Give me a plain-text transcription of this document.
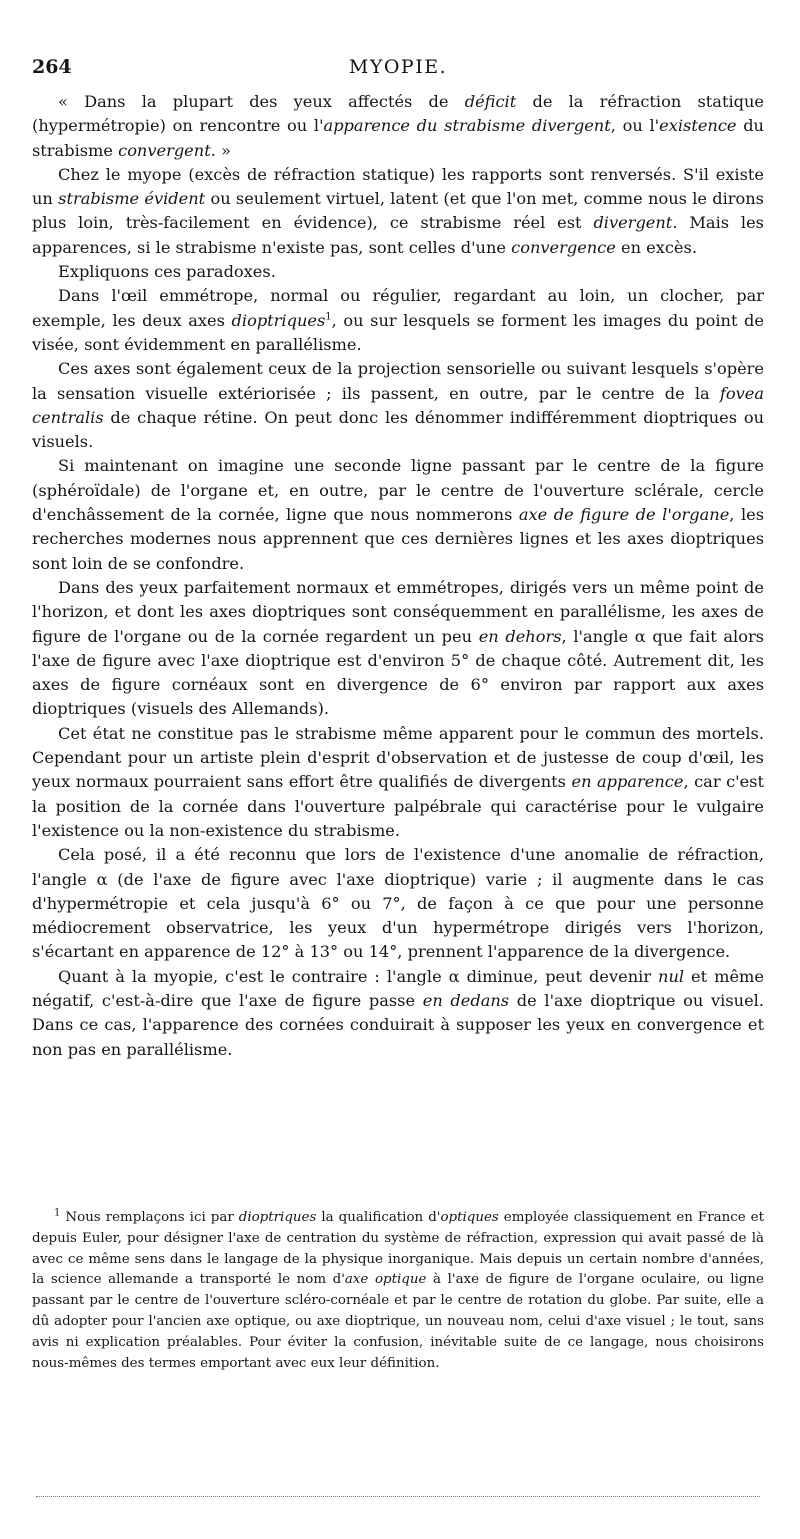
264	MYOPIE.

« Dans la plupart des yeux affectés de déficit de la réfraction statique (hypermétropie) on rencontre ou l'apparence du strabisme divergent, ou l'existence du strabisme convergent. »

Chez le myope (excès de réfraction statique) les rapports sont renversés. S'il existe un strabisme évident ou seulement virtuel, latent (et que l'on met, comme nous le dirons plus loin, très-facilement en évidence), ce strabisme réel est divergent. Mais les apparences, si le strabisme n'existe pas, sont celles d'une convergence en excès.

Expliquons ces paradoxes.

Dans l'œil emmétrope, normal ou régulier, regardant au loin, un clocher, par exemple, les deux axes dioptriques$^1$, ou sur lesquels se forment les images du point de visée, sont évidemment en parallélisme.

Ces axes sont également ceux de la projection sensorielle ou suivant lesquels s'opère la sensation visuelle extériorisée ; ils passent, en outre, par le centre de la fovea centralis de chaque rétine. On peut donc les dénommer indifféremment dioptriques ou visuels.

Si maintenant on imagine une seconde ligne passant par le centre de la figure (sphéroïdale) de l'organe et, en outre, par le centre de l'ouverture sclérale, cercle d'enchâssement de la cornée, ligne que nous nommerons axe de figure de l'organe, les recherches modernes nous apprennent que ces dernières lignes et les axes dioptriques sont loin de se confondre.

Dans des yeux parfaitement normaux et emmétropes, dirigés vers un même point de l'horizon, et dont les axes dioptriques sont conséquemment en parallélisme, les axes de figure de l'organe ou de la cornée regardent un peu en dehors, l'angle α que fait alors l'axe de figure avec l'axe dioptrique est d'environ 5° de chaque côté. Autrement dit, les axes de figure cornéaux sont en divergence de 6° environ par rapport aux axes dioptriques (visuels des Allemands).

Cet état ne constitue pas le strabisme même apparent pour le commun des mortels. Cependant pour un artiste plein d'esprit d'observation et de justesse de coup d'œil, les yeux normaux pourraient sans effort être qualifiés de divergents en apparence, car c'est la position de la cornée dans l'ouverture palpébrale qui caractérise pour le vulgaire l'existence ou la non-existence du strabisme.

Cela posé, il a été reconnu que lors de l'existence d'une anomalie de réfraction, l'angle α (de l'axe de figure avec l'axe dioptrique) varie ; il augmente dans le cas d'hypermétropie et cela jusqu'à 6° ou 7°, de façon à ce que pour une personne médiocrement observatrice, les yeux d'un hypermétrope dirigés vers l'horizon, s'écartant en apparence de 12° à 13° ou 14°, prennent l'apparence de la divergence.

Quant à la myopie, c'est le contraire : l'angle α diminue, peut devenir nul et même négatif, c'est-à-dire que l'axe de figure passe en dedans de l'axe dioptrique ou visuel. Dans ce cas, l'apparence des cornées conduirait à supposer les yeux en convergence et non pas en parallélisme.

$^1$ Nous remplaçons ici par dioptriques la qualification d'optiques employée classiquement en France et depuis Euler, pour désigner l'axe de centration du système de réfraction, expression qui avait passé de là avec ce même sens dans le langage de la physique inorganique. Mais depuis un certain nombre d'années, la science allemande a transporté le nom d'axe optique à l'axe de figure de l'organe oculaire, ou ligne passant par le centre de l'ouverture scléro-cornéale et par le centre de rotation du globe. Par suite, elle a dû adopter pour l'ancien axe optique, ou axe dioptrique, un nouveau nom, celui d'axe visuel ; le tout, sans avis ni explication préalables. Pour éviter la confusion, inévitable suite de ce langage, nous choisirons nous-mêmes des termes emportant avec eux leur définition.
